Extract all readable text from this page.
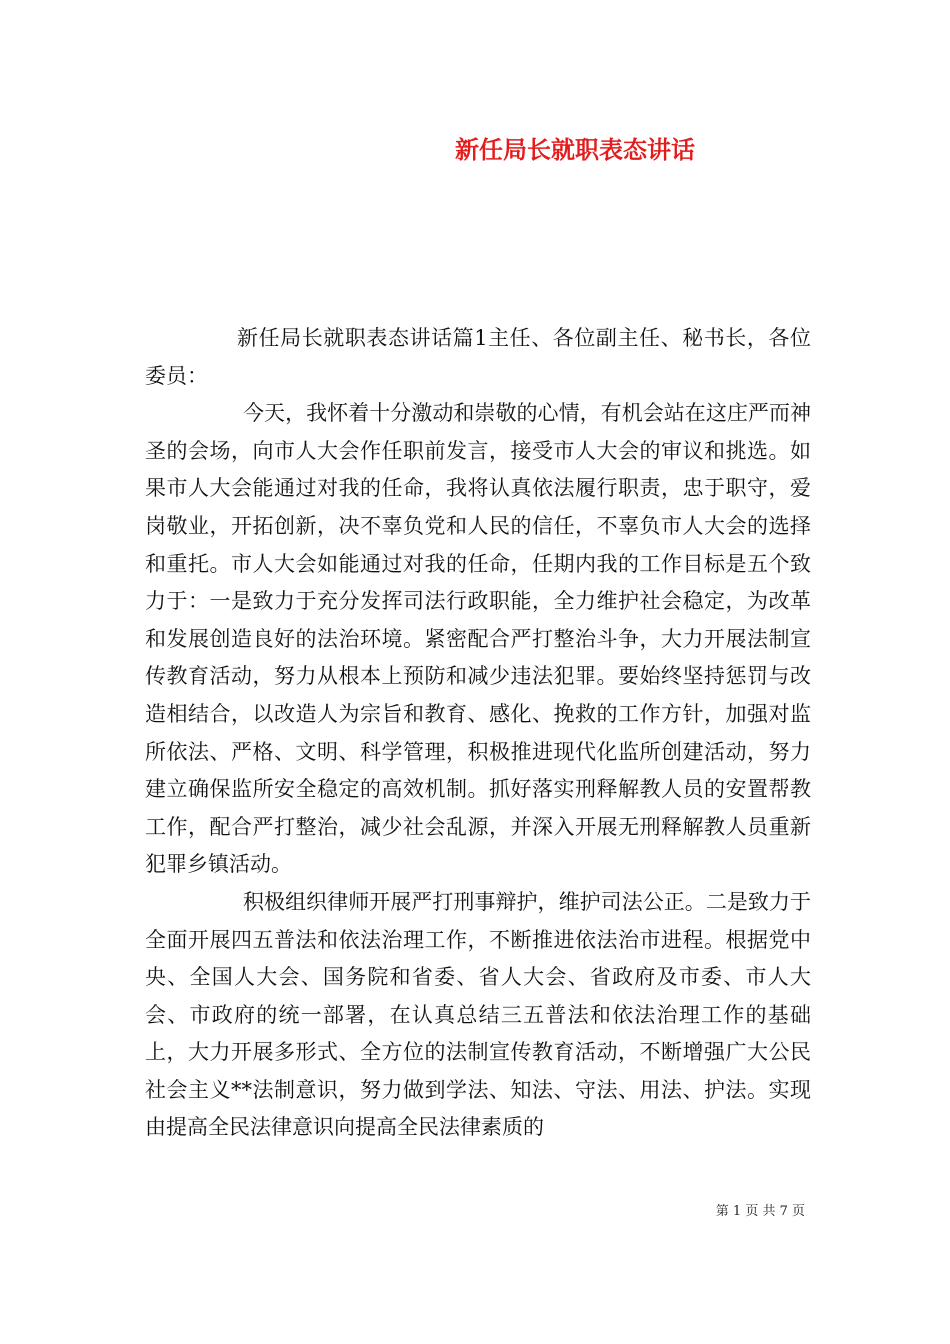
新任局长就职表态讲话

新任局长就职表态讲话篇1主任、各位副主任、秘书长，各位委员：

今天，我怀着十分激动和崇敬的心情，有机会站在这庄严而神圣的会场，向市人大会作任职前发言，接受市人大会的审议和挑选。如果市人大会能通过对我的任命，我将认真依法履行职责，忠于职守，爱岗敬业，开拓创新，决不辜负党和人民的信任，不辜负市人大会的选择和重托。市人大会如能通过对我的任命，任期内我的工作目标是五个致力于：一是致力于充分发挥司法行政职能，全力维护社会稳定，为改革和发展创造良好的法治环境。紧密配合严打整治斗争，大力开展法制宣传教育活动，努力从根本上预防和减少违法犯罪。要始终坚持惩罚与改造相结合，以改造人为宗旨和教育、感化、挽救的工作方针，加强对监所依法、严格、文明、科学管理，积极推进现代化监所创建活动，努力建立确保监所安全稳定的高效机制。抓好落实刑释解教人员的安置帮教工作，配合严打整治，减少社会乱源，并深入开展无刑释解教人员重新犯罪乡镇活动。

积极组织律师开展严打刑事辩护，维护司法公正。二是致力于全面开展四五普法和依法治理工作，不断推进依法治市进程。根据党中央、全国人大会、国务院和省委、省人大会、省政府及市委、市人大会、市政府的统一部署，在认真总结三五普法和依法治理工作的基础上，大力开展多形式、全方位的法制宣传教育活动，不断增强广大公民社会主义**法制意识，努力做到学法、知法、守法、用法、护法。实现由提高全民法律意识向提高全民法律素质的

第 1 页 共 7 页
